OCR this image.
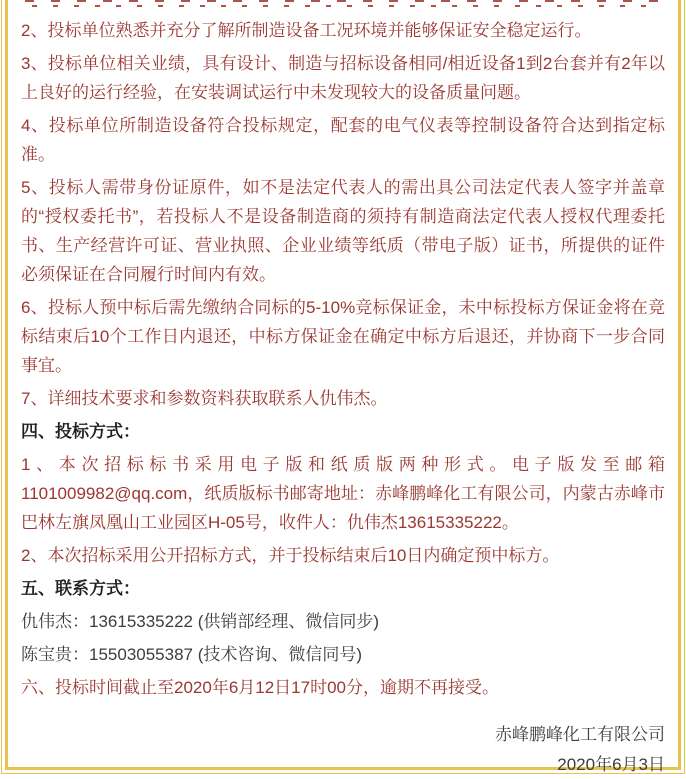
2、投标单位熟悉并充分了解所制造设备工况环境并能够保证安全稳定运行。

3、投标单位相关业绩，具有设计、制造与招标设备相同/相近设备1到2台套并有2年以上良好的运行经验，在安装调试运行中未发现较大的设备质量问题。

4、投标单位所制造设备符合投标规定，配套的电气仪表等控制设备符合达到指定标准。

5、投标人需带身份证原件，如不是法定代表人的需出具公司法定代表人签字并盖章的“授权委托书”，若投标人不是设备制造商的须持有制造商法定代表人授权代理委托书、生产经营许可证、营业执照、企业业绩等纸质（带电子版）证书，所提供的证件必须保证在合同履行时间内有效。

6、投标人预中标后需先缴纳合同标的5-10%竞标保证金，未中标投标方保证金将在竞标结束后10个工作日内退还，中标方保证金在确定中标方后退还，并协商下一步合同事宜。

7、详细技术要求和参数资料获取联系人仇伟杰。

四、投标方式：

1、本次招标标书采用电子版和纸质版两种形式。电子版发至邮箱1101009982@qq.com，纸质版标书邮寄地址：赤峰鹏峰化工有限公司，内蒙古赤峰市巴林左旗凤凰山工业园区H-05号，收件人：仇伟杰13615335222。

2、本次招标采用公开招标方式，并于投标结束后10日内确定预中标方。

五、联系方式：

仇伟杰：13615335222 (供销部经理、微信同步)

陈宝贵：15503055387 (技术咨询、微信同号)

六、投标时间截止至2020年6月12日17时00分，逾期不再接受。

赤峰鹏峰化工有限公司

2020年6月3日
